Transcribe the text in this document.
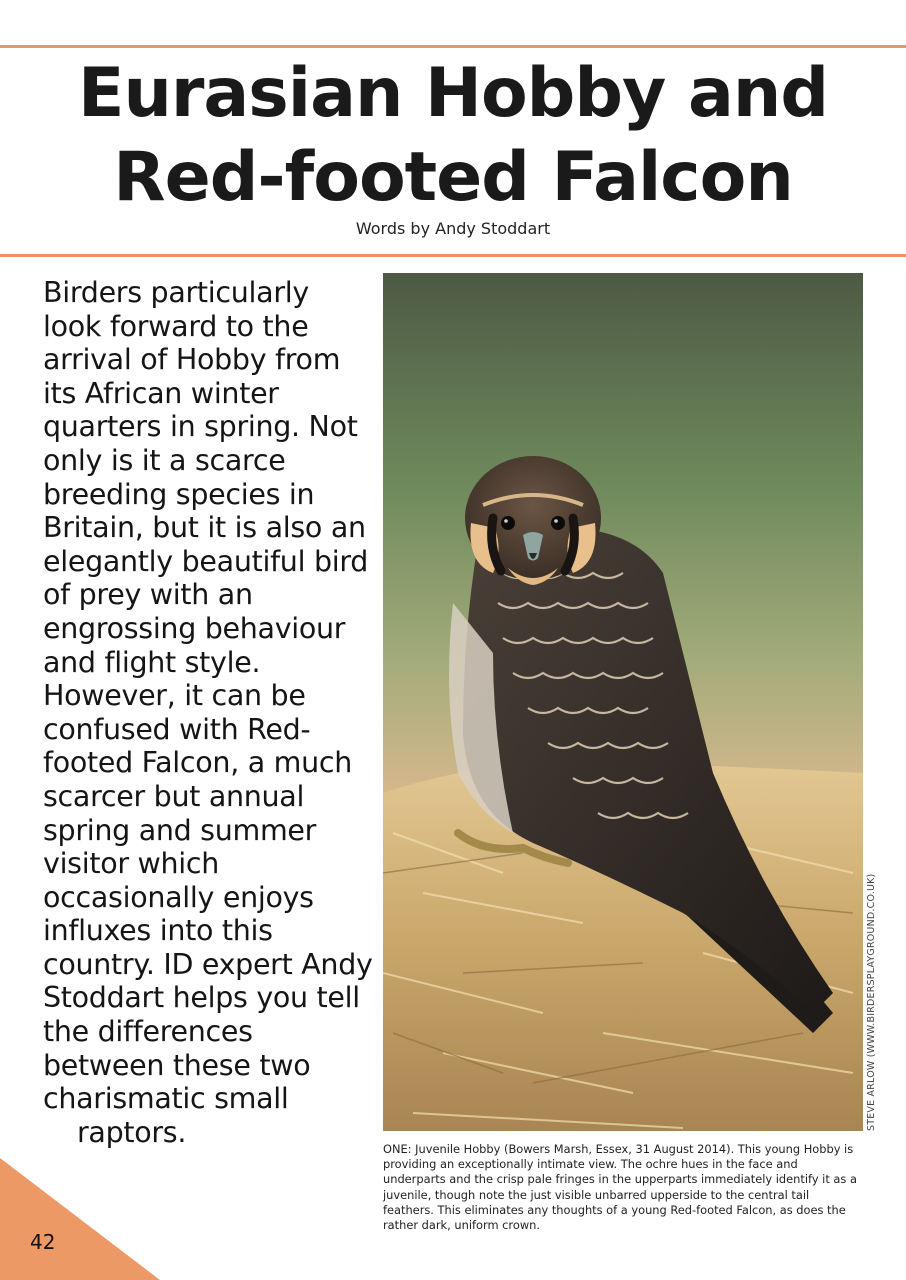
Eurasian Hobby and
Red-footed Falcon
Words by Andy Stoddart
Birders particularly look forward to the arrival of Hobby from its African winter quarters in spring. Not only is it a scarce breeding species in Britain, but it is also an elegantly beautiful bird of prey with an engrossing behaviour and flight style. However, it can be confused with Red-footed Falcon, a much scarcer but annual spring and summer visitor which occasionally enjoys influxes into this country. ID expert Andy Stoddart helps you tell the differences between these two charismatic small
raptors.
STEVE ARLOW (WWW.BIRDERSPLAYGROUND.CO.UK)
ONE: Juvenile Hobby (Bowers Marsh, Essex, 31 August 2014). This young Hobby is providing an exceptionally intimate view. The ochre hues in the face and underparts and the crisp pale fringes in the upperparts immediately identify it as a juvenile, though note the just visible unbarred upperside to the central tail feathers. This eliminates any thoughts of a young Red-footed Falcon, as does the rather dark, uniform crown.
42
